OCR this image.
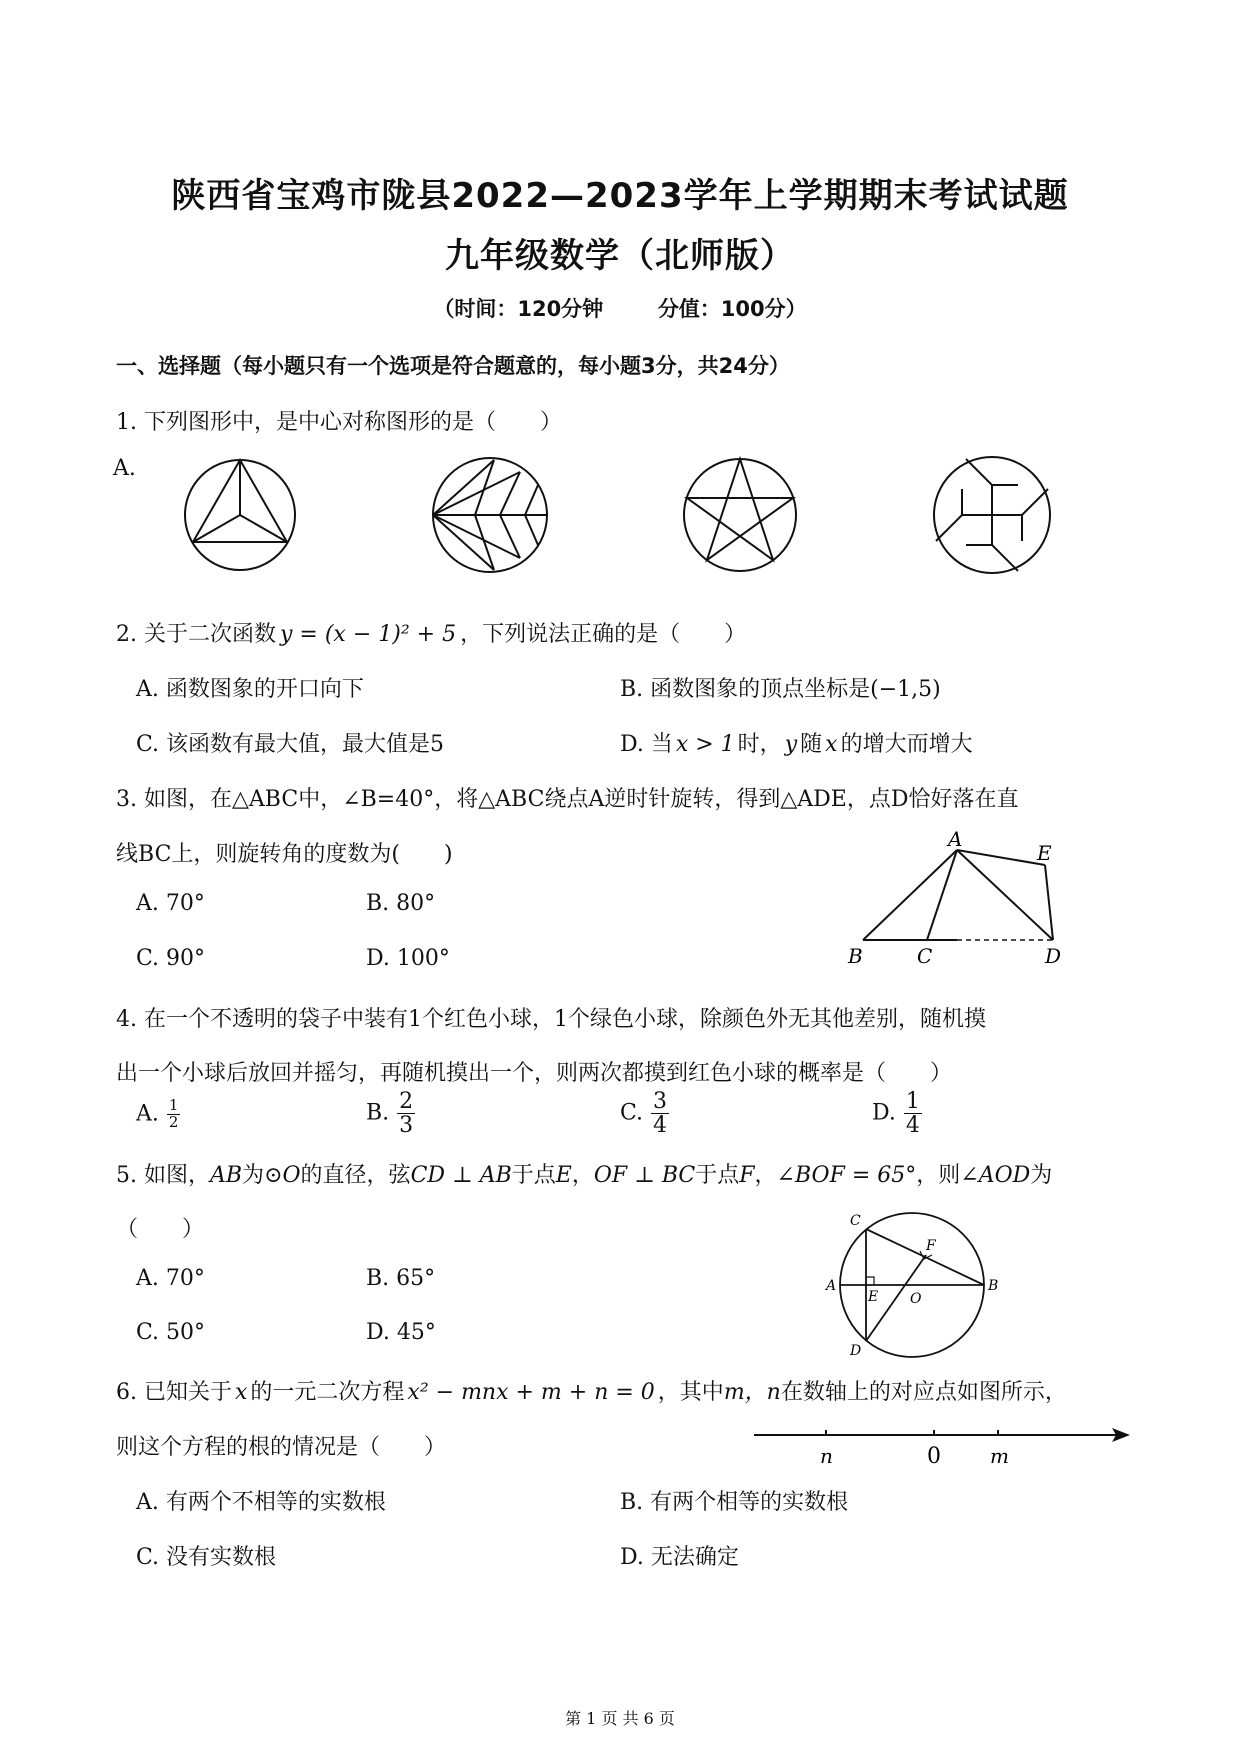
陕西省宝鸡市陇县2022—2023学年上学期期末考试试题
九年级数学（北师版）
（时间：120分钟	分值：100分）
一、选择题（每小题只有一个选项是符合题意的，每小题3分，共24分）
1. 下列图形中，是中心对称图形的是（　　）
A.
2. 关于二次函数 y = (x − 1)² + 5 ，下列说法正确的是（　　）
A. 函数图象的开口向下	B. 函数图象的顶点坐标是(−1,5)
C. 该函数有最大值，最大值是5	D. 当 x > 1 时， y 随 x 的增大而增大
3. 如图，在△ABC中，∠B=40°，将△ABC绕点A逆时针旋转，得到△ADE，点D恰好落在直
线BC上，则旋转角的度数为(　　)
A. 70°	B. 80°
C. 90°	D. 100°
A
B	C	D
E
4. 在一个不透明的袋子中装有1个红色小球，1个绿色小球，除颜色外无其他差别，随机摸
出一个小球后放回并摇匀，再随机摸出一个，则两次都摸到红色小球的概率是（　　）
A. $\frac{1}{2}$	B. $\frac{2}{3}$	C. $\frac{3}{4}$	D. $\frac{1}{4}$
5. 如图，AB为⊙O的直径，弦CD ⊥ AB于点E，OF ⊥ BC于点F，∠BOF = 65°，则∠AOD为
（　　）
A. 70°	B. 65°
C. 50°	D. 45°
C
A	B
D
E
F
O
6. 已知关于 x 的一元二次方程 x² − mnx + m + n = 0 ，其中m，n在数轴上的对应点如图所示，
则这个方程的根的情况是（　　）
A. 有两个不相等的实数根	B. 有两个相等的实数根
C. 没有实数根	D. 无法确定
n	0 m
第 1 页 共 6 页
